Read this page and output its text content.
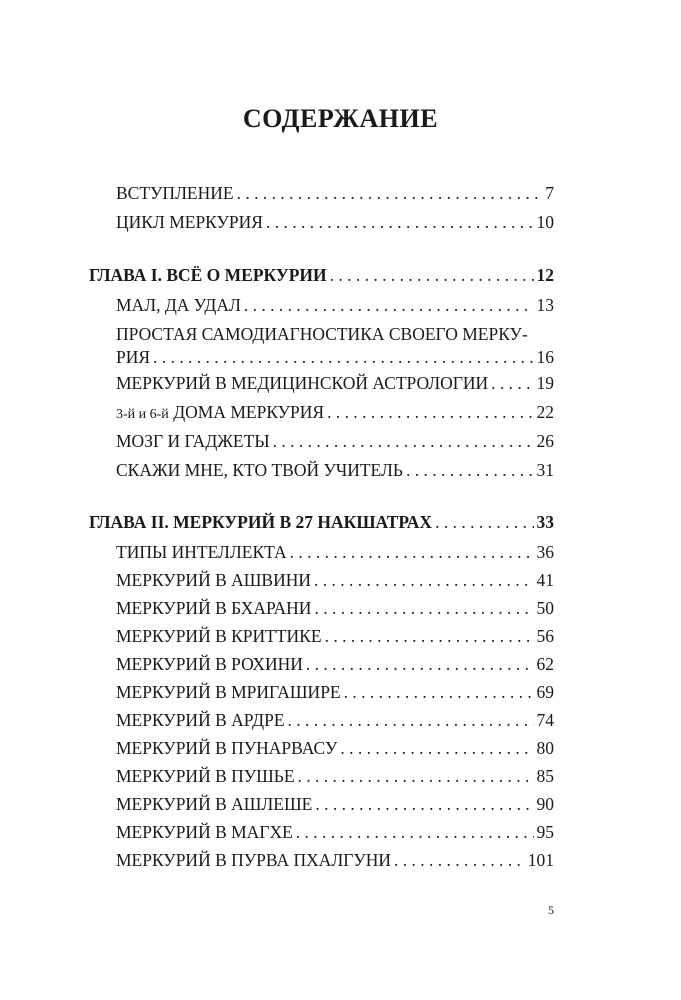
СОДЕРЖАНИЕ
ВСТУПЛЕНИЕ . . .	7
ЦИКЛ МЕРКУРИЯ . . .	10
ГЛАВА I. ВСЁ О МЕРКУРИИ . . .	12
МАЛ, ДА УДАЛ . . .	13
ПРОСТАЯ САМОДИАГНОСТИКА СВОЕГО МЕРКУ-
РИЯ . . .	16
МЕРКУРИЙ В МЕДИЦИНСКОЙ АСТРОЛОГИИ . . .	19
3-й и 6-й ДОМА МЕРКУРИЯ . . .	22
МОЗГ И ГАДЖЕТЫ . . .	26
СКАЖИ МНЕ, КТО ТВОЙ УЧИТЕЛЬ . . .	31
ГЛАВА II. МЕРКУРИЙ В 27 НАКШАТРАХ . . .	33
ТИПЫ ИНТЕЛЛЕКТА . . .	36
МЕРКУРИЙ В АШВИНИ . . .	41
МЕРКУРИЙ В БХАРАНИ . . .	50
МЕРКУРИЙ В КРИТТИКЕ . . .	56
МЕРКУРИЙ В РОХИНИ . . .	62
МЕРКУРИЙ В МРИГАШИРЕ . . .	69
МЕРКУРИЙ В АРДРЕ . . .	74
МЕРКУРИЙ В ПУНАРВАСУ . . .	80
МЕРКУРИЙ В ПУШЬЕ . . .	85
МЕРКУРИЙ В АШЛЕШЕ . . .	90
МЕРКУРИЙ В МАГХЕ . . .	95
МЕРКУРИЙ В ПУРВА ПХАЛГУНИ . . .	101
5
